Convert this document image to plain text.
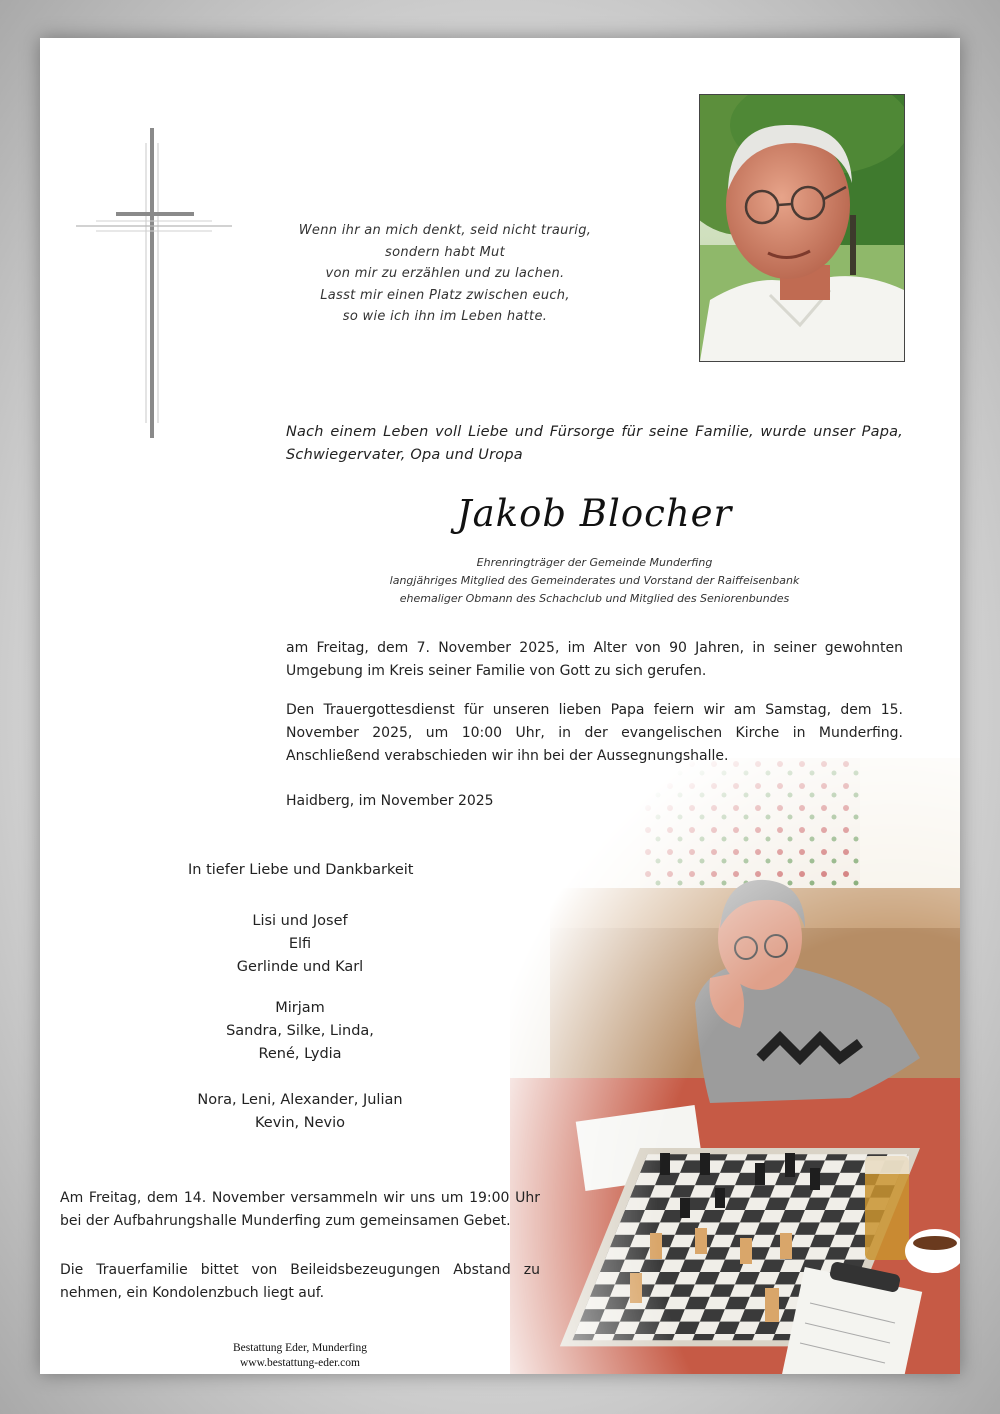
Wenn ihr an mich denkt, seid nicht traurig,
sondern habt Mut
von mir zu erzählen und zu lachen.
Lasst mir einen Platz zwischen euch,
so wie ich ihn im Leben hatte.
Nach einem Leben voll Liebe und Fürsorge für seine Familie, wurde unser Papa, Schwiegervater, Opa und Uropa
Jakob Blocher
Ehrenringträger der Gemeinde Munderfing
langjähriges Mitglied des Gemeinderates und Vorstand der Raiffeisenbank
ehemaliger Obmann des Schachclub und Mitglied des Seniorenbundes
am Freitag, dem 7. November 2025, im Alter von 90 Jahren, in seiner gewohnten Umgebung im Kreis seiner Familie von Gott zu sich gerufen.
Den Trauergottesdienst für unseren lieben Papa feiern wir am Samstag, dem 15. November 2025, um 10:00 Uhr, in der evangelischen Kirche in Munderfing. Anschließend verabschieden wir ihn bei der Aussegnungshalle.
Haidberg, im November 2025
In tiefer Liebe und Dankbarkeit
Lisi und Josef
Elfi
Gerlinde und Karl
Mirjam
Sandra, Silke, Linda,
René, Lydia
Nora, Leni, Alexander, Julian
Kevin, Nevio
Am Freitag, dem 14. November versammeln wir uns um 19:00 Uhr bei der Aufbahrungshalle Munderfing zum gemeinsamen Gebet.
Die Trauerfamilie bittet von Beileidsbezeugungen Abstand zu nehmen, ein Kondolenzbuch liegt auf.
Bestattung Eder, Munderfing
www.bestattung-eder.com
